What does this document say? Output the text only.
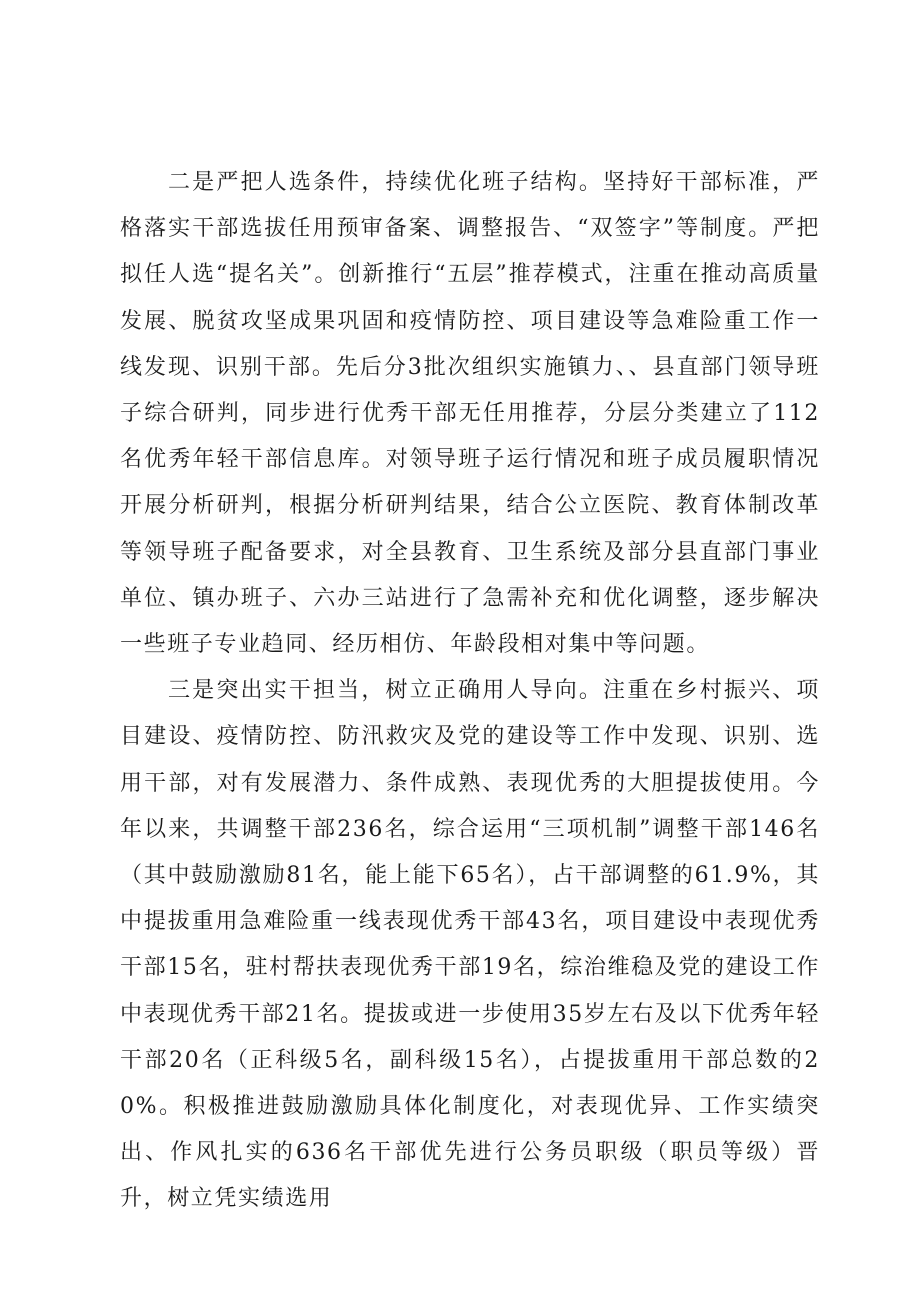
二是严把人选条件，持续优化班子结构。坚持好干部标准，严格落实干部选拔任用预审备案、调整报告、“双签字”等制度。严把拟任人选“提名关”。创新推行“五层”推荐模式，注重在推动高质量发展、脱贫攻坚成果巩固和疫情防控、项目建设等急难险重工作一线发现、识别干部。先后分3批次组织实施镇力、、县直部门领导班子综合研判，同步进行优秀干部无任用推荐，分层分类建立了112名优秀年轻干部信息库。对领导班子运行情况和班子成员履职情况开展分析研判，根据分析研判结果，结合公立医院、教育体制改革等领导班子配备要求，对全县教育、卫生系统及部分县直部门事业单位、镇办班子、六办三站进行了急需补充和优化调整，逐步解决一些班子专业趋同、经历相仿、年龄段相对集中等问题。

三是突出实干担当，树立正确用人导向。注重在乡村振兴、项目建设、疫情防控、防汛救灾及党的建设等工作中发现、识别、选用干部，对有发展潜力、条件成熟、表现优秀的大胆提拔使用。今年以来，共调整干部236名，综合运用“三项机制”调整干部146名（其中鼓励激励81名，能上能下65名），占干部调整的61.9%，其中提拔重用急难险重一线表现优秀干部43名，项目建设中表现优秀干部15名，驻村帮扶表现优秀干部19名，综治维稳及党的建设工作中表现优秀干部21名。提拔或进一步使用35岁左右及以下优秀年轻干部20名（正科级5名，副科级15名），占提拔重用干部总数的20%。积极推进鼓励激励具体化制度化，对表现优异、工作实绩突出、作风扎实的636名干部优先进行公务员职级（职员等级）晋升，树立凭实绩选用
